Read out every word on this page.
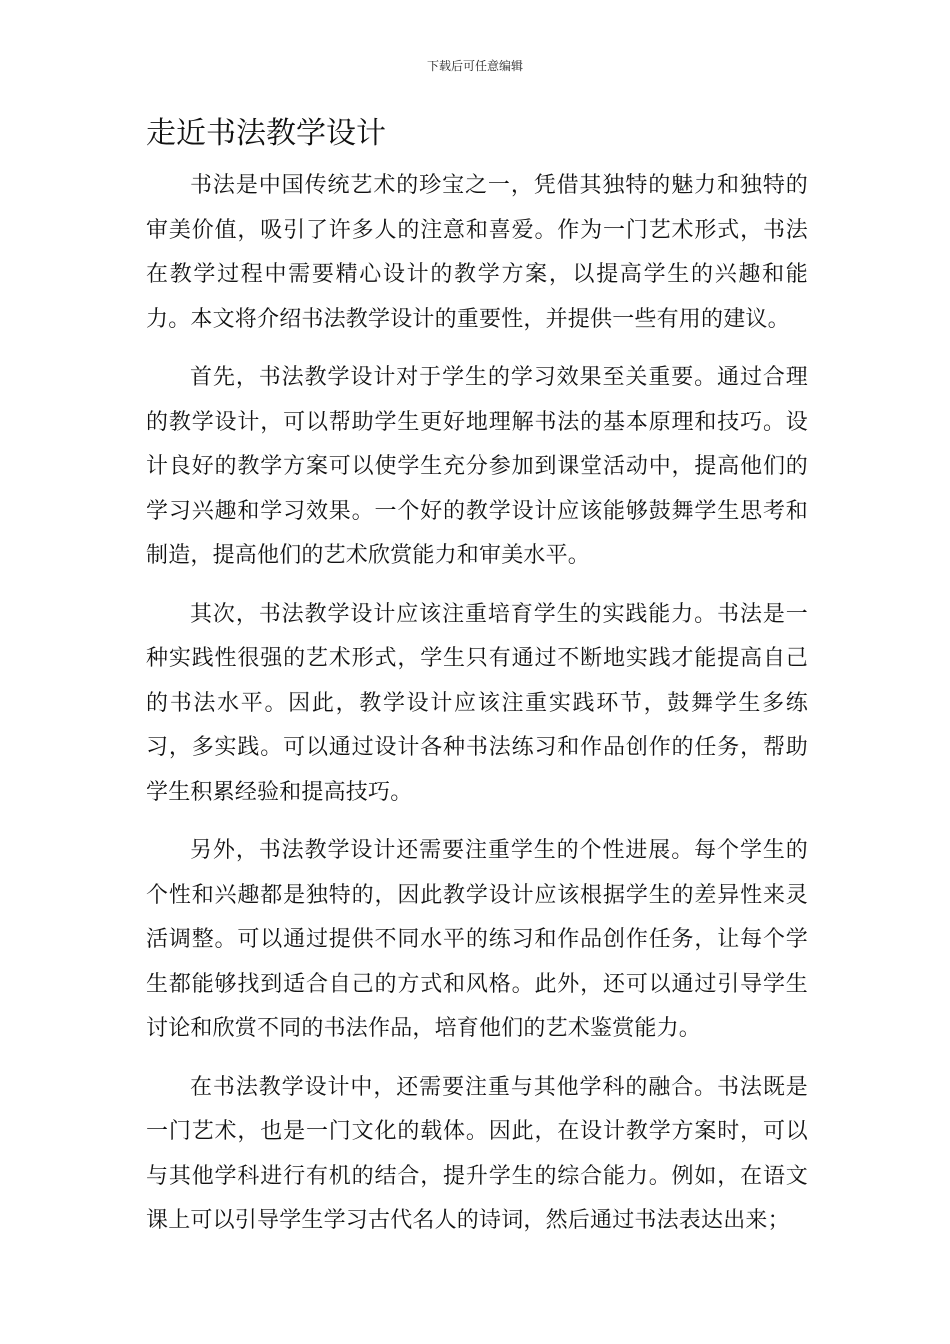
下载后可任意编辑
走近书法教学设计

书法是中国传统艺术的珍宝之一，凭借其独特的魅力和独特的审美价值，吸引了许多人的注意和喜爱。作为一门艺术形式，书法在教学过程中需要精心设计的教学方案，以提高学生的兴趣和能力。本文将介绍书法教学设计的重要性，并提供一些有用的建议。

首先，书法教学设计对于学生的学习效果至关重要。通过合理的教学设计，可以帮助学生更好地理解书法的基本原理和技巧。设计良好的教学方案可以使学生充分参加到课堂活动中，提高他们的学习兴趣和学习效果。一个好的教学设计应该能够鼓舞学生思考和制造，提高他们的艺术欣赏能力和审美水平。

其次，书法教学设计应该注重培育学生的实践能力。书法是一种实践性很强的艺术形式，学生只有通过不断地实践才能提高自己的书法水平。因此，教学设计应该注重实践环节，鼓舞学生多练习，多实践。可以通过设计各种书法练习和作品创作的任务，帮助学生积累经验和提高技巧。

另外，书法教学设计还需要注重学生的个性进展。每个学生的个性和兴趣都是独特的，因此教学设计应该根据学生的差异性来灵活调整。可以通过提供不同水平的练习和作品创作任务，让每个学生都能够找到适合自己的方式和风格。此外，还可以通过引导学生讨论和欣赏不同的书法作品，培育他们的艺术鉴赏能力。

在书法教学设计中，还需要注重与其他学科的融合。书法既是一门艺术，也是一门文化的载体。因此，在设计教学方案时，可以与其他学科进行有机的结合，提升学生的综合能力。例如，在语文课上可以引导学生学习古代名人的诗词，然后通过书法表达出来；
